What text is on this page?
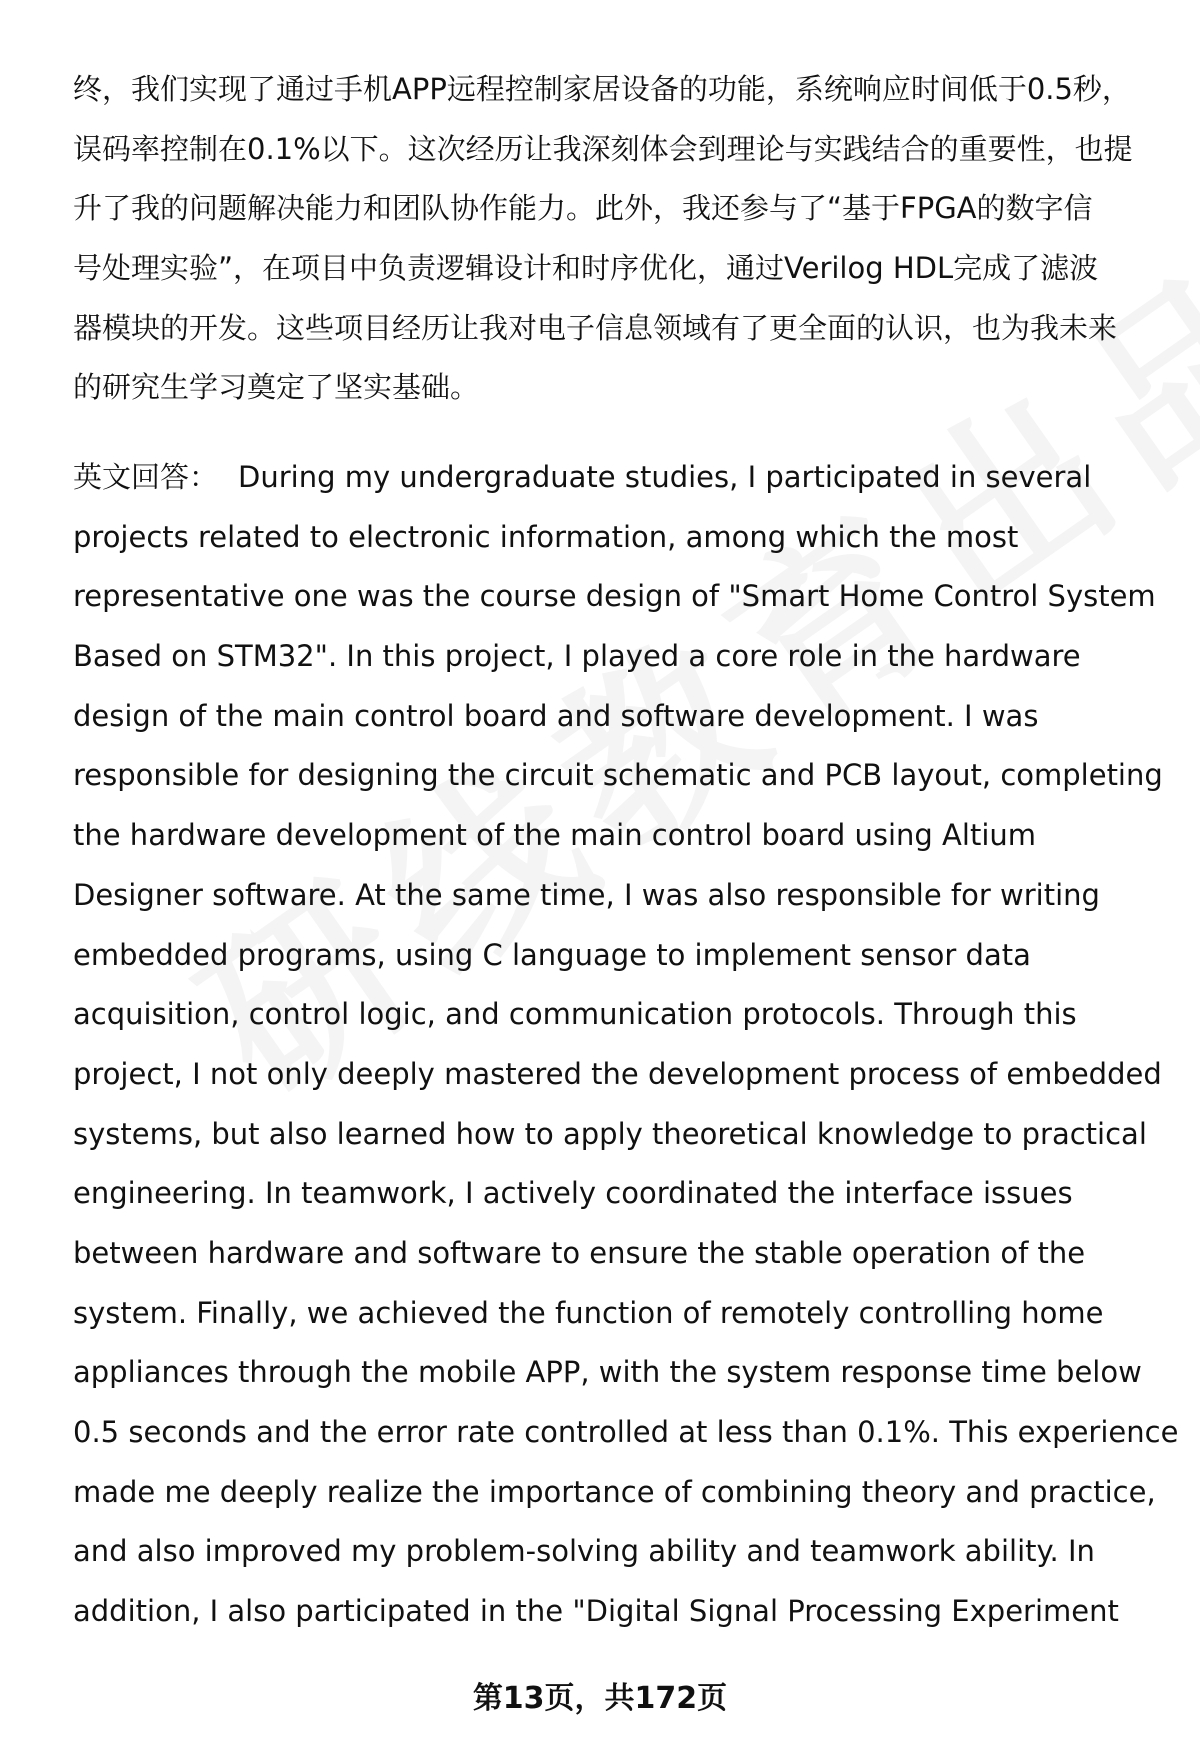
终，我们实现了通过手机APP远程控制家居设备的功能，系统响应时间低于0.5秒，
误码率控制在0.1%以下。这次经历让我深刻体会到理论与实践结合的重要性，也提
升了我的问题解决能力和团队协作能力。此外，我还参与了“基于FPGA的数字信
号处理实验”，在项目中负责逻辑设计和时序优化，通过Verilog HDL完成了滤波
器模块的开发。这些项目经历让我对电子信息领域有了更全面的认识，也为我未来
的研究生学习奠定了坚实基础。
英文回答： During my undergraduate studies, I participated in several
projects related to electronic information, among which the most
representative one was the course design of "Smart Home Control System
Based on STM32". In this project, I played a core role in the hardware
design of the main control board and software development. I was
responsible for designing the circuit schematic and PCB layout, completing
the hardware development of the main control board using Altium
Designer software. At the same time, I was also responsible for writing
embedded programs, using C language to implement sensor data
acquisition, control logic, and communication protocols. Through this
project, I not only deeply mastered the development process of embedded
systems, but also learned how to apply theoretical knowledge to practical
engineering. In teamwork, I actively coordinated the interface issues
between hardware and software to ensure the stable operation of the
system. Finally, we achieved the function of remotely controlling home
appliances through the mobile APP, with the system response time below
0.5 seconds and the error rate controlled at less than 0.1%. This experience
made me deeply realize the importance of combining theory and practice,
and also improved my problem-solving ability and teamwork ability. In
addition, I also participated in the "Digital Signal Processing Experiment
第13页，共172页
